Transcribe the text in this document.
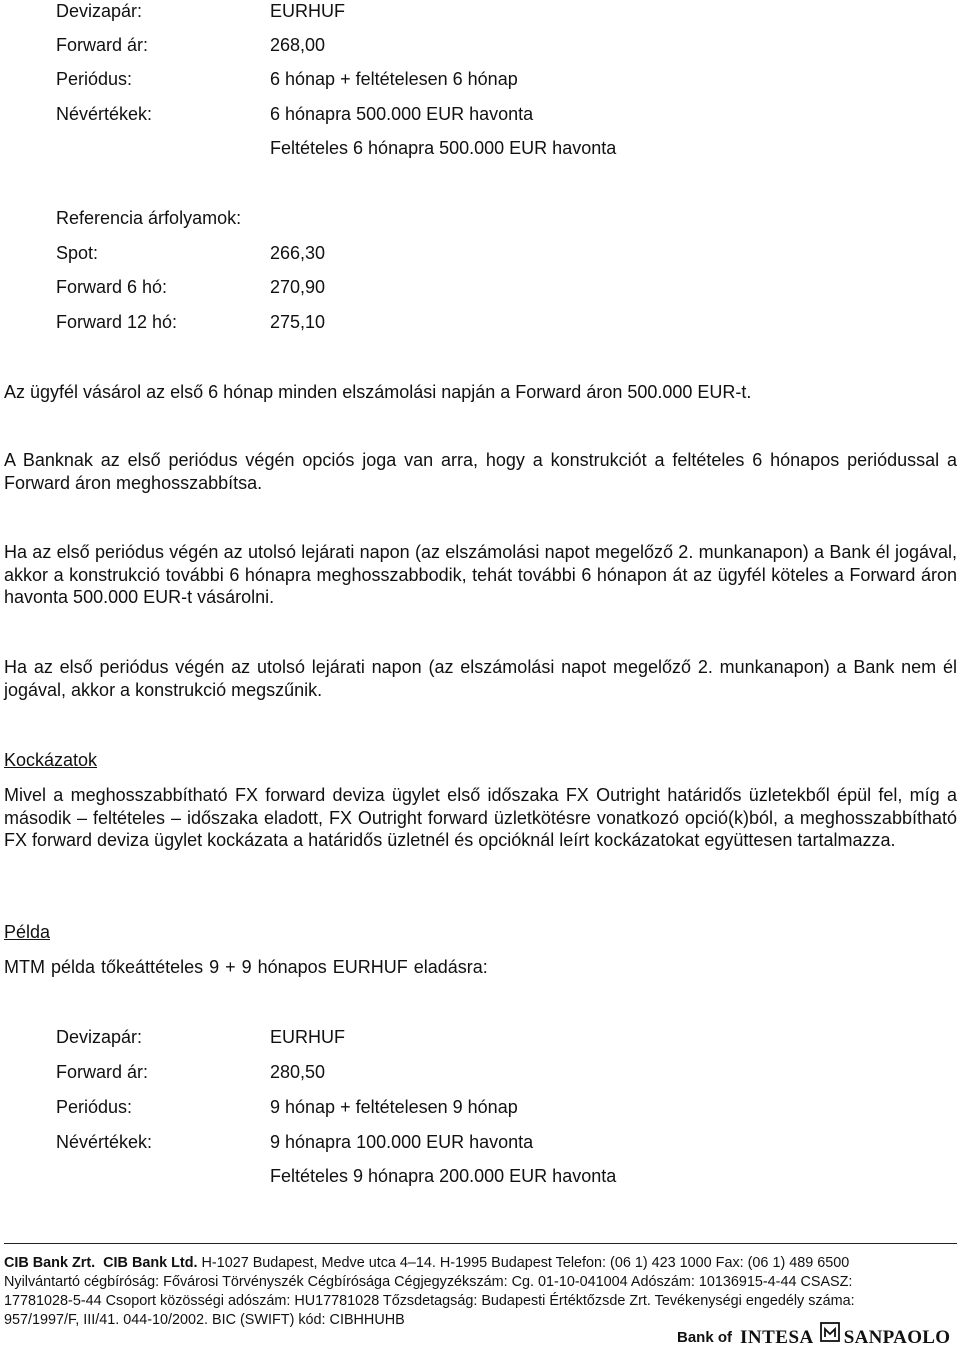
Devizapár:	EURHUF
Forward ár:	268,00
Periódus:	6 hónap + feltételesen 6 hónap
Névértékek:	6 hónapra 500.000 EUR havonta
Feltételes 6 hónapra 500.000 EUR havonta
Referencia árfolyamok:
Spot:	266,30
Forward 6 hó:	270,90
Forward 12 hó:	275,10
Az ügyfél vásárol az első 6 hónap minden elszámolási napján a Forward áron 500.000 EUR-t.
A Banknak az első periódus végén opciós joga van arra, hogy a konstrukciót a feltételes 6 hónapos periódussal a Forward áron meghosszabbítsa.
Ha az első periódus végén az utolsó lejárati napon (az elszámolási napot megelőző 2. munkanapon) a Bank él jogával, akkor a konstrukció további 6 hónapra meghosszabbodik, tehát további 6 hónapon át az ügyfél köteles a Forward áron havonta 500.000 EUR-t vásárolni.
Ha az első periódus végén az utolsó lejárati napon (az elszámolási napot megelőző 2. munkanapon) a Bank nem él jogával, akkor a konstrukció megszűnik.
Kockázatok
Mivel a meghosszabbítható FX forward deviza ügylet első időszaka FX Outright határidős üzletekből épül fel, míg a második – feltételes – időszaka eladott, FX Outright forward üzletkötésre vonatkozó opció(k)ból, a meghosszabbítható FX forward deviza ügylet kockázata a határidős üzletnél és opcióknál leírt kockázatokat együttesen tartalmazza.
Példa
MTM példa tőkeáttételes 9 + 9 hónapos EURHUF eladásra:
Devizapár:	EURHUF
Forward ár:	280,50
Periódus:	9 hónap + feltételesen 9 hónap
Névértékek:	9 hónapra 100.000 EUR havonta
Feltételes 9 hónapra 200.000 EUR havonta
CIB Bank Zrt. CIB Bank Ltd. H-1027 Budapest, Medve utca 4–14. H-1995 Budapest Telefon: (06 1) 423 1000 Fax: (06 1) 489 6500
Nyilvántartó cégbíróság: Fővárosi Törvényszék Cégbírósága Cégjegyzékszám: Cg. 01-10-041004 Adószám: 10136915-4-44 CSASZ:
17781028-5-44 Csoport közösségi adószám: HU17781028 Tőzsdetagság: Budapesti Értéktőzsde Zrt. Tevékenységi engedély száma:
957/1997/F, III/41. 044-10/2002. BIC (SWIFT) kód: CIBHHUHB
Bank of INTESA SANPAOLO
